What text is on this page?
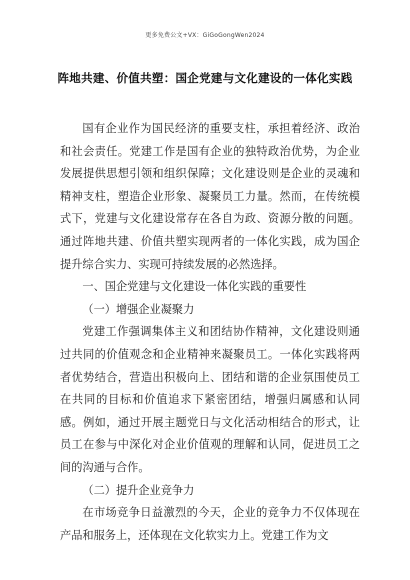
更多免费公文+VX：GiGoGongWen2024
阵地共建、价值共塑：国企党建与文化建设的一体化实践

国有企业作为国民经济的重要支柱，承担着经济、政治和社会责任。党建工作是国有企业的独特政治优势，为企业发展提供思想引领和组织保障；文化建设则是企业的灵魂和精神支柱，塑造企业形象、凝聚员工力量。然而，在传统模式下，党建与文化建设常存在各自为政、资源分散的问题。通过阵地共建、价值共塑实现两者的一体化实践，成为国企提升综合实力、实现可持续发展的必然选择。

一、国企党建与文化建设一体化实践的重要性

（一）增强企业凝聚力

党建工作强调集体主义和团结协作精神，文化建设则通过共同的价值观念和企业精神来凝聚员工。一体化实践将两者优势结合，营造出积极向上、团结和谐的企业氛围使员工在共同的目标和价值追求下紧密团结，增强归属感和认同感。例如，通过开展主题党日与文化活动相结合的形式，让员工在参与中深化对企业价值观的理解和认同，促进员工之间的沟通与合作。

（二）提升企业竞争力

在市场竞争日益激烈的今天，企业的竞争力不仅体现在产品和服务上，还体现在文化软实力上。党建工作为文
